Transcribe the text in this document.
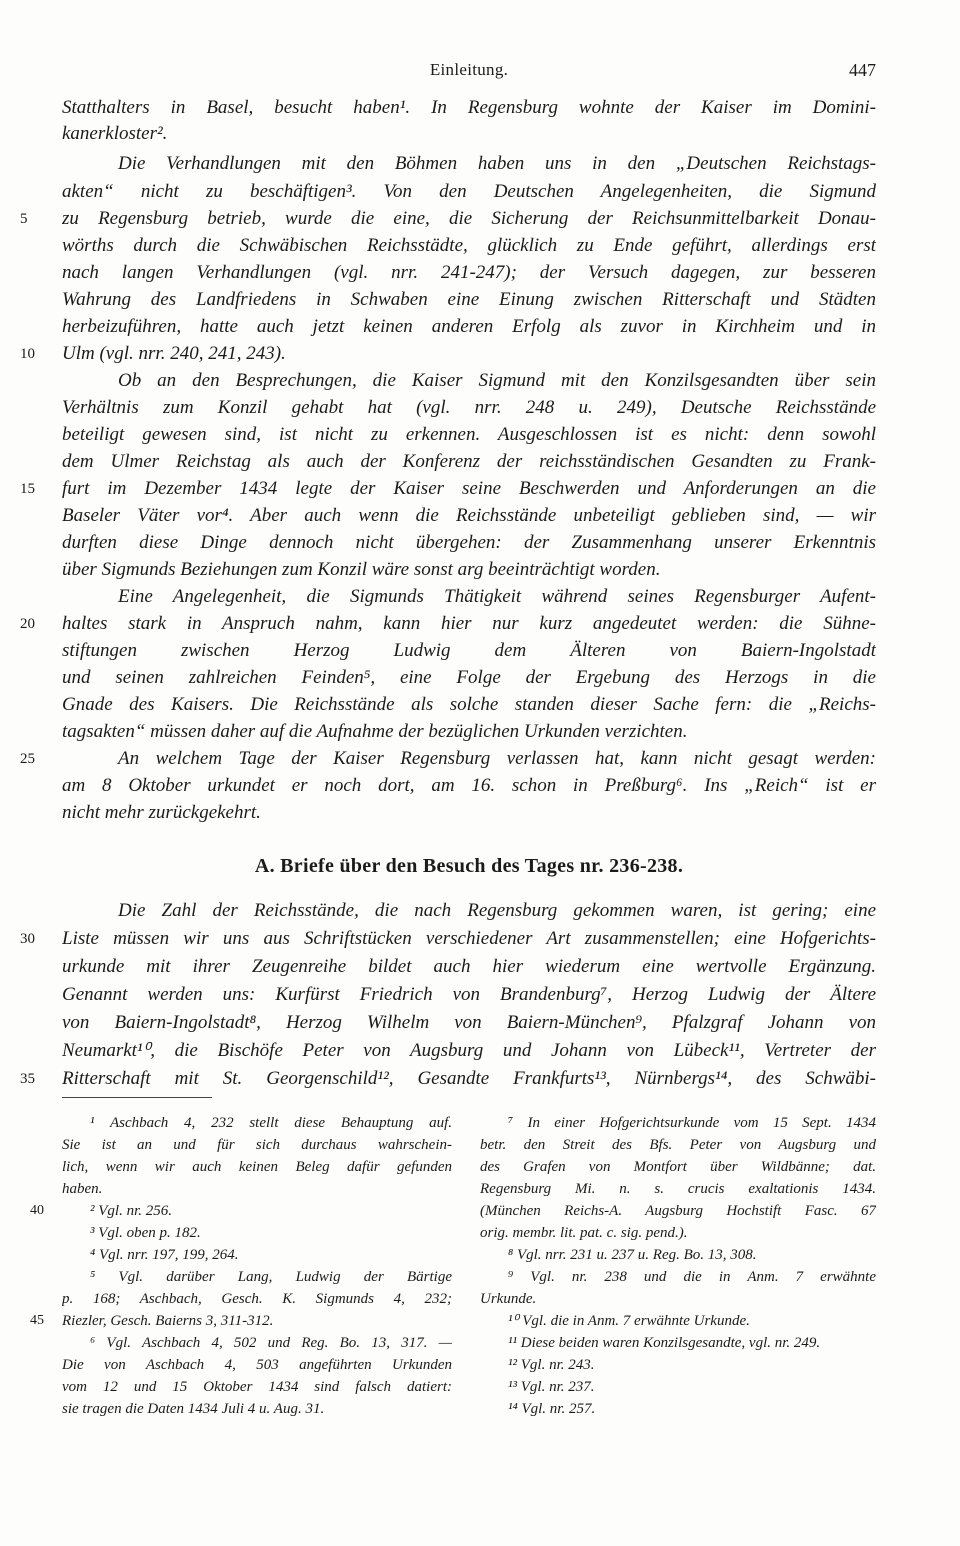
Einleitung.	447
Statthalters in Basel, besucht haben¹. In Regensburg wohnte der Kaiser im Domini-
kanerkloster².
Die Verhandlungen mit den Böhmen haben uns in den „Deutschen Reichstags-
akten“ nicht zu beschäftigen³. Von den Deutschen Angelegenheiten, die Sigmund
zu Regensburg betrieb, wurde die eine, die Sicherung der Reichsunmittelbarkeit Donau-
wörths durch die Schwäbischen Reichsstädte, glücklich zu Ende geführt, allerdings erst
nach langen Verhandlungen (vgl. nrr. 241-247); der Versuch dagegen, zur besseren
Wahrung des Landfriedens in Schwaben eine Einung zwischen Ritterschaft und Städten
herbeizuführen, hatte auch jetzt keinen anderen Erfolg als zuvor in Kirchheim und in
Ulm (vgl. nrr. 240, 241, 243).
Ob an den Besprechungen, die Kaiser Sigmund mit den Konzilsgesandten über sein
Verhältnis zum Konzil gehabt hat (vgl. nrr. 248 u. 249), Deutsche Reichsstände
beteiligt gewesen sind, ist nicht zu erkennen. Ausgeschlossen ist es nicht: denn sowohl
dem Ulmer Reichstag als auch der Konferenz der reichsständischen Gesandten zu Frank-
furt im Dezember 1434 legte der Kaiser seine Beschwerden und Anforderungen an die
Baseler Väter vor⁴. Aber auch wenn die Reichsstände unbeteiligt geblieben sind, — wir
durften diese Dinge dennoch nicht übergehen: der Zusammenhang unserer Erkenntnis
über Sigmunds Beziehungen zum Konzil wäre sonst arg beeinträchtigt worden.
Eine Angelegenheit, die Sigmunds Thätigkeit während seines Regensburger Aufent-
haltes stark in Anspruch nahm, kann hier nur kurz angedeutet werden: die Sühne-
stiftungen zwischen Herzog Ludwig dem Älteren von Baiern-Ingolstadt
und seinen zahlreichen Feinden⁵, eine Folge der Ergebung des Herzogs in die
Gnade des Kaisers. Die Reichsstände als solche standen dieser Sache fern: die „Reichs-
tagsakten“ müssen daher auf die Aufnahme der bezüglichen Urkunden verzichten.
An welchem Tage der Kaiser Regensburg verlassen hat, kann nicht gesagt werden:
am 8 Oktober urkundet er noch dort, am 16. schon in Preßburg⁶. Ins „Reich“ ist er
nicht mehr zurückgekehrt.
5
10
15
20
25
A. Briefe über den Besuch des Tages nr. 236-238.
Die Zahl der Reichsstände, die nach Regensburg gekommen waren, ist gering; eine
Liste müssen wir uns aus Schriftstücken verschiedener Art zusammenstellen; eine Hofgerichts-
urkunde mit ihrer Zeugenreihe bildet auch hier wiederum eine wertvolle Ergänzung.
Genannt werden uns: Kurfürst Friedrich von Brandenburg⁷, Herzog Ludwig der Ältere
von Baiern-Ingolstadt⁸, Herzog Wilhelm von Baiern-München⁹, Pfalzgraf Johann von
Neumarkt¹⁰, die Bischöfe Peter von Augsburg und Johann von Lübeck¹¹, Vertreter der
Ritterschaft mit St. Georgenschild¹², Gesandte Frankfurts¹³, Nürnbergs¹⁴, des Schwäbi-
30
35
¹ Aschbach 4, 232 stellt diese Behauptung auf.
Sie ist an und für sich durchaus wahrschein-
lich, wenn wir auch keinen Beleg dafür gefunden
haben.
² Vgl. nr. 256.
³ Vgl. oben p. 182.
⁴ Vgl. nrr. 197, 199, 264.
⁵ Vgl. darüber Lang, Ludwig der Bärtige
p. 168; Aschbach, Gesch. K. Sigmunds 4, 232;
Riezler, Gesch. Baierns 3, 311-312.
⁶ Vgl. Aschbach 4, 502 und Reg. Bo. 13, 317. —
Die von Aschbach 4, 503 angeführten Urkunden
vom 12 und 15 Oktober 1434 sind falsch datiert:
sie tragen die Daten 1434 Juli 4 u. Aug. 31.
40
45
⁷ In einer Hofgerichtsurkunde vom 15 Sept. 1434
betr. den Streit des Bfs. Peter von Augsburg und
des Grafen von Montfort über Wildbänne; dat.
Regensburg Mi. n. s. crucis exaltationis 1434.
(München Reichs-A. Augsburg Hochstift Fasc. 67
orig. membr. lit. pat. c. sig. pend.).
⁸ Vgl. nrr. 231 u. 237 u. Reg. Bo. 13, 308.
⁹ Vgl. nr. 238 und die in Anm. 7 erwähnte
Urkunde.
¹⁰ Vgl. die in Anm. 7 erwähnte Urkunde.
¹¹ Diese beiden waren Konzilsgesandte, vgl. nr. 249.
¹² Vgl. nr. 243.
¹³ Vgl. nr. 237.
¹⁴ Vgl. nr. 257.
